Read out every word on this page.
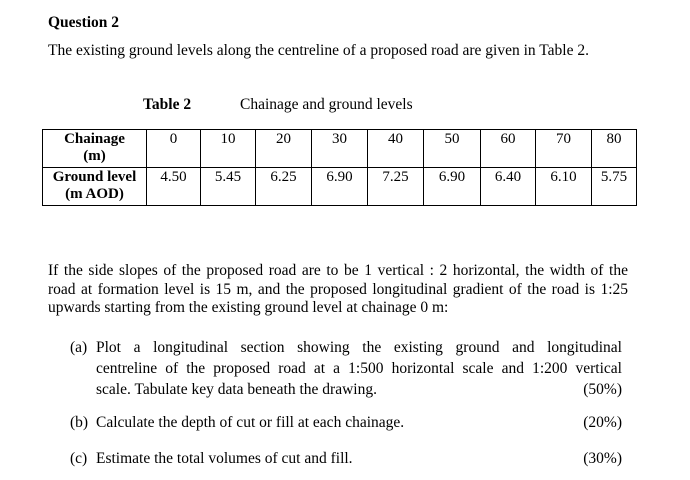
Question 2
The existing ground levels along the centreline of a proposed road are given in Table 2.
Table 2	Chainage and ground levels
Chainage
(m)	0	10	20	30	40	50	60	70	80
Ground level
(m AOD)	4.50	5.45	6.25	6.90	7.25	6.90	6.40	6.10	5.75
If the side slopes of the proposed road are to be 1 vertical : 2 horizontal, the width of the
road at formation level is 15 m, and the proposed longitudinal gradient of the road is 1:25
upwards starting from the existing ground level at chainage 0 m:
(a) Plot a longitudinal section showing the existing ground and longitudinal
centreline of the proposed road at a 1:500 horizontal scale and 1:200 vertical
scale. Tabulate key data beneath the drawing.	(50%)
(b) Calculate the depth of cut or fill at each chainage.	(20%)
(c) Estimate the total volumes of cut and fill.	(30%)
